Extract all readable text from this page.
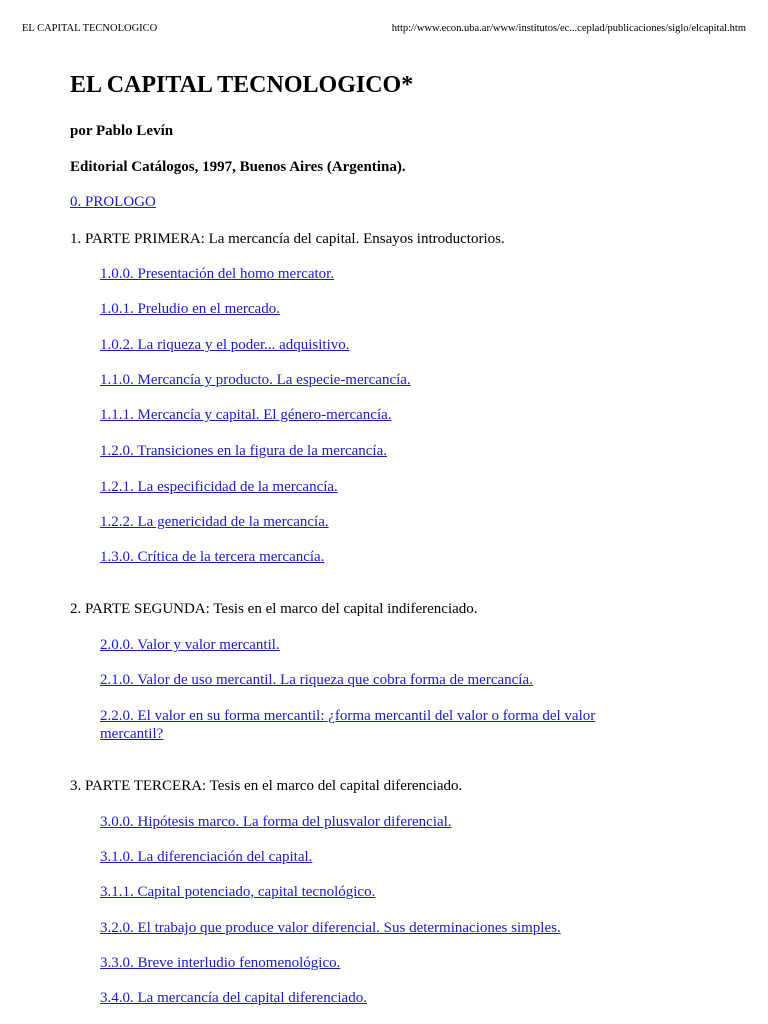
EL CAPITAL TECNOLOGICO	http://www.econ.uba.ar/www/institutos/ec...ceplad/publicaciones/siglo/elcapital.htm
EL CAPITAL TECNOLOGICO*
por Pablo Levín
Editorial Catálogos, 1997, Buenos Aires (Argentina).
0. PROLOGO
1. PARTE PRIMERA: La mercancía del capital. Ensayos introductorios.
1.0.0. Presentación del homo mercator.
1.0.1. Preludio en el mercado.
1.0.2. La riqueza y el poder... adquisitivo.
1.1.0. Mercancía y producto. La especie-mercancía.
1.1.1. Mercancía y capital. El género-mercancía.
1.2.0. Transiciones en la figura de la mercancía.
1.2.1. La especificidad de la mercancía.
1.2.2. La genericidad de la mercancía.
1.3.0. Crítica de la tercera mercancía.
2. PARTE SEGUNDA: Tesis en el marco del capital indiferenciado.
2.0.0. Valor y valor mercantil.
2.1.0. Valor de uso mercantil. La riqueza que cobra forma de mercancía.
2.2.0. El valor en su forma mercantil: ¿forma mercantil del valor o forma del valor mercantil?
3. PARTE TERCERA: Tesis en el marco del capital diferenciado.
3.0.0. Hipótesis marco. La forma del plusvalor diferencial.
3.1.0. La diferenciación del capital.
3.1.1. Capital potenciado, capital tecnológico.
3.2.0. El trabajo que produce valor diferencial. Sus determinaciones simples.
3.3.0. Breve interludio fenomenológico.
3.4.0. La mercancía del capital diferenciado.
